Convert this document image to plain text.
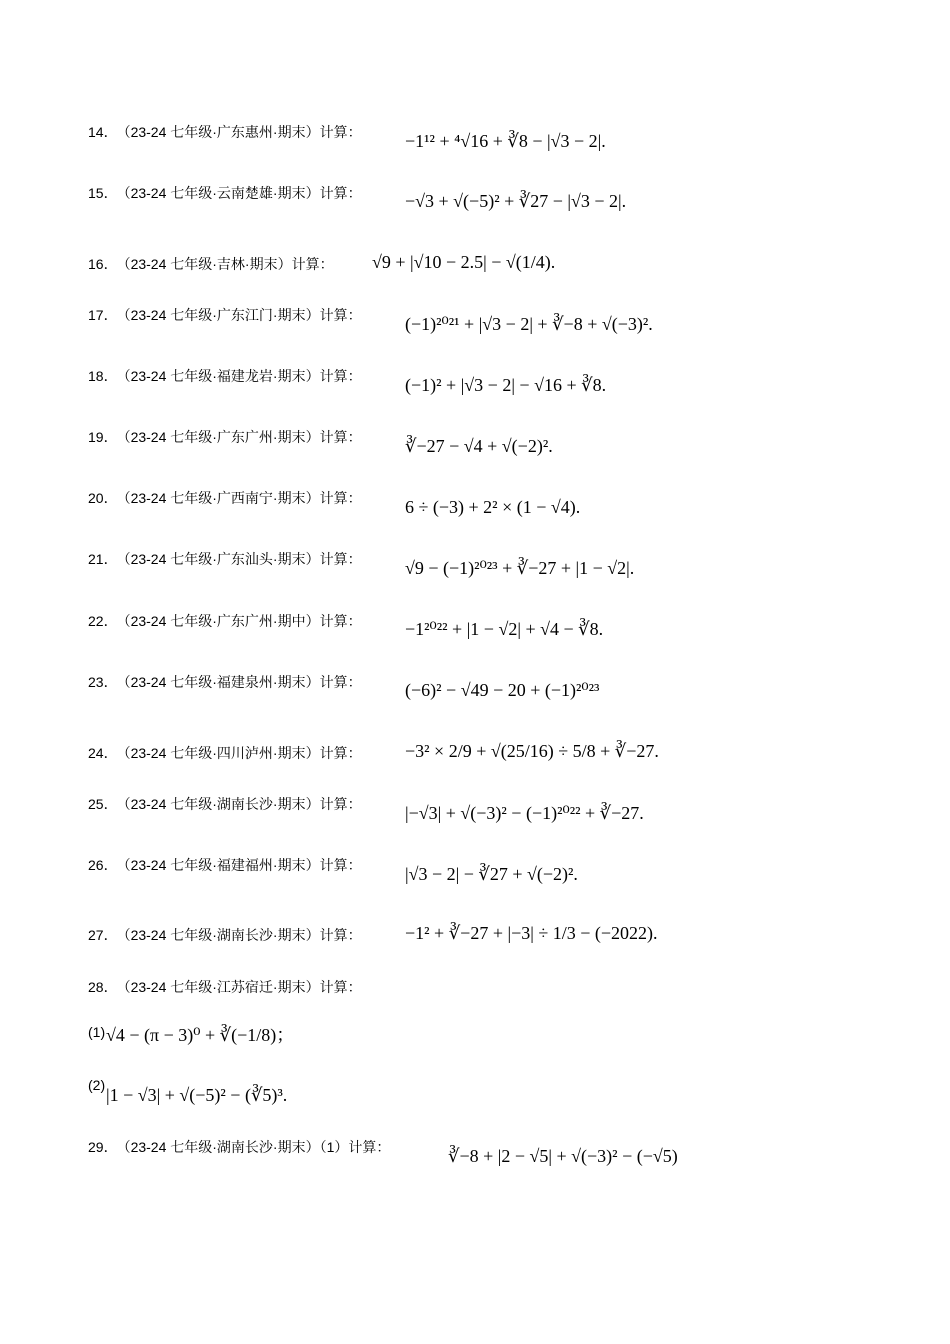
14． （23-24 七年级·广东惠州·期末）计算： −1¹² + ⁴√16 + ∛8 − |√3 − 2|.
15． （23-24 七年级·云南楚雄·期末）计算： −√3 + √(−5)² + ∛27 − |√3 − 2|.
16． （23-24 七年级·吉林·期末）计算： √9 + |√10 − 2.5| − √(1/4).
17． （23-24 七年级·广东江门·期末）计算： (−1)²⁰²¹ + |√3 − 2| + ∛−8 + √(−3)².
18． （23-24 七年级·福建龙岩·期末）计算： (−1)² + |√3 − 2| − √16 + ∛8.
19． （23-24 七年级·广东广州·期末）计算： ∛−27 − √4 + √(−2)².
20． （23-24 七年级·广西南宁·期末）计算： 6 ÷ (−3) + 2² × (1 − √4).
21． （23-24 七年级·广东汕头·期末）计算： √9 − (−1)²⁰²³ + ∛−27 + |1 − √2|.
22． （23-24 七年级·广东广州·期中）计算： −1²⁰²² + |1 − √2| + √4 − ∛8.
23． （23-24 七年级·福建泉州·期末）计算： (−6)² − √49 − 20 + (−1)²⁰²³
24． （23-24 七年级·四川泸州·期末）计算： −3² × 2/9 + √(25/16) ÷ 5/8 + ∛−27.
25． （23-24 七年级·湖南长沙·期末）计算： |−√3| + √(−3)² − (−1)²⁰²² + ∛−27.
26． （23-24 七年级·福建福州·期末）计算： |√3 − 2| − ∛27 + √(−2)².
27． （23-24 七年级·湖南长沙·期末）计算： −1² + ∛−27 + |−3| ÷ 1/3 − (−2022).
28． （23-24 七年级·江苏宿迁·期末）计算：
(1) √4 − (π − 3)⁰ + ∛(−1/8)；
(2) |1 − √3| + √(−5)² − (∛5)³.
29． （23-24 七年级·湖南长沙·期末）（1）计算：	∛−8 + |2 − √5| + √(−3)² − (−√5)
